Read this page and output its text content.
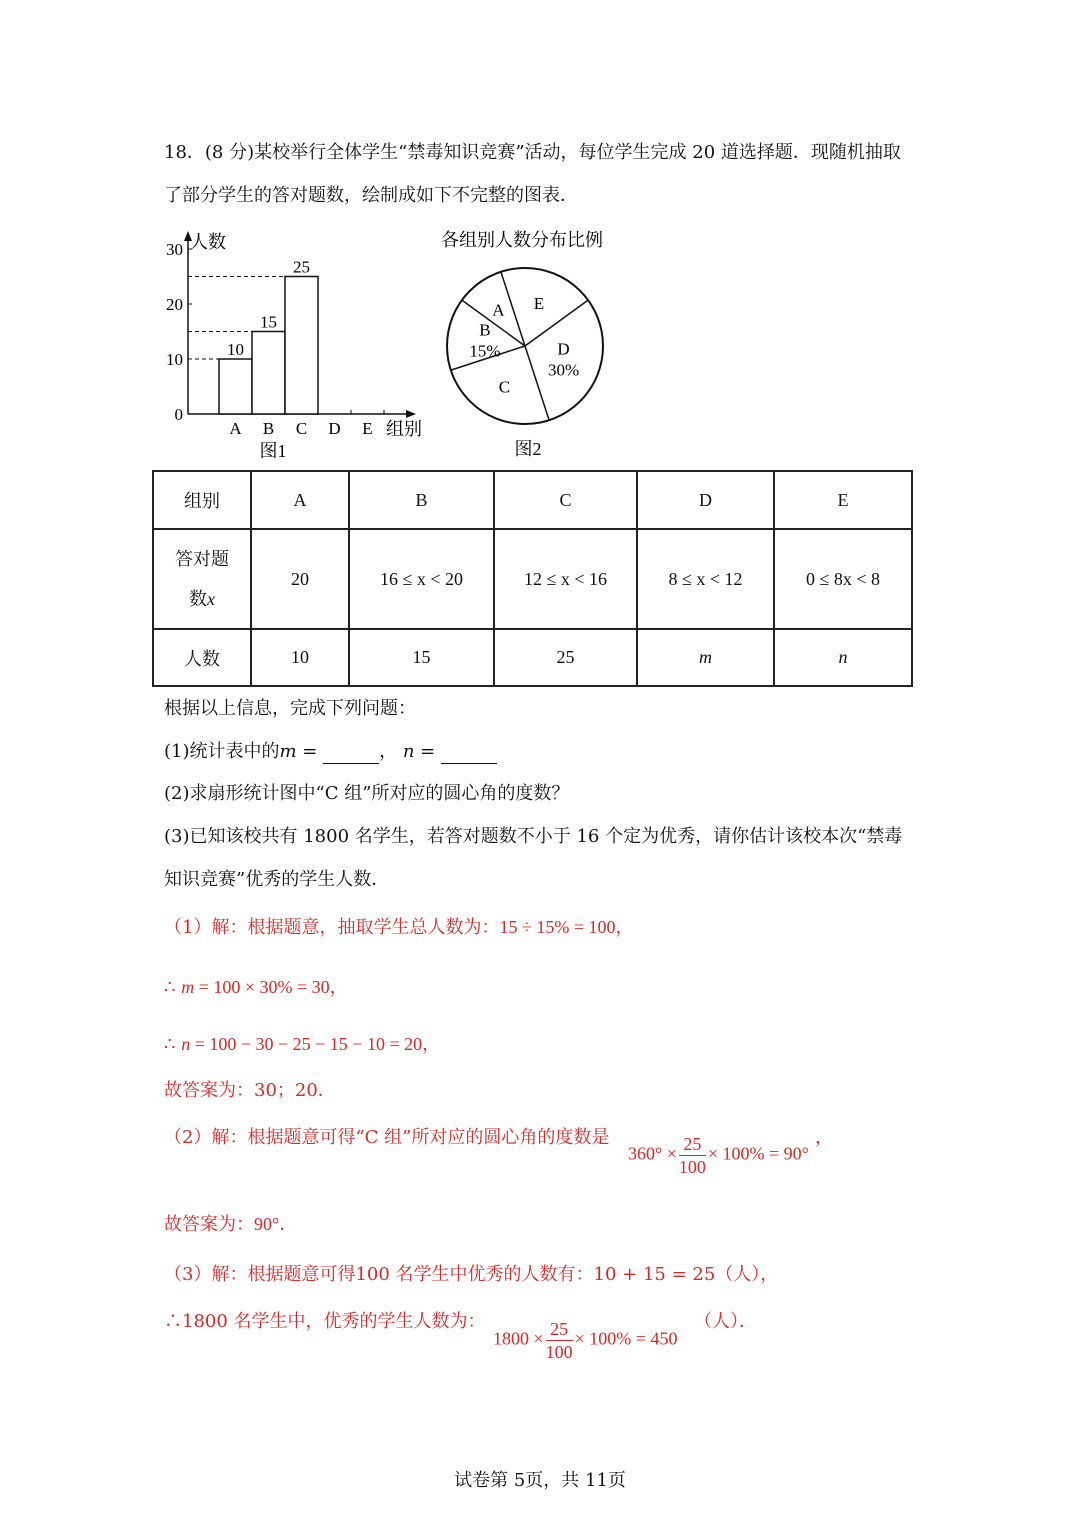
18．(8 分)某校举行全体学生“禁毒知识竞赛”活动，每位学生完成 20 道选择题．现随机抽取
了部分学生的答对题数，绘制成如下不完整的图表．
0
10
20
30 人数
组别
图1
A
10
B
15
C
25
D E
各组别人数分布比例
B
15%
A E
D
30%
C
图2
组别	A	B	C	D	E
答对题
数x	20	16 ≤ x < 20	12 ≤ x < 16	8 ≤ x < 12	0 ≤ 8x < 8
人数	10	15	25	m	n
根据以上信息，完成下列问题：
(1)统计表中的m =	， n =
(2)求扇形统计图中“C 组”所对应的圆心角的度数？
(3)已知该校共有 1800 名学生，若答对题数不小于 16 个定为优秀，请你估计该校本次“禁毒
知识竞赛”优秀的学生人数．
（1）解：根据题意，抽取学生总人数为：15 ÷ 15% = 100，
∴ m = 100 × 30% = 30，
∴ n = 100 − 30 − 25 − 15 − 10 = 20，
故答案为：30；20．
（2）解：根据题意可得“C 组”所对应的圆心角的度数是
$360^\circ \times \frac{25}{100} \times 100\% = 90^\circ$
，
故答案为：90°．
（3）解：根据题意可得100 名学生中优秀的人数有：10 + 15 = 25（人），
∴1800 名学生中，优秀的学生人数为：
$1800 \times \frac{25}{100} \times 100\% = 450$
（人）．
试卷第 5页，共 11页
